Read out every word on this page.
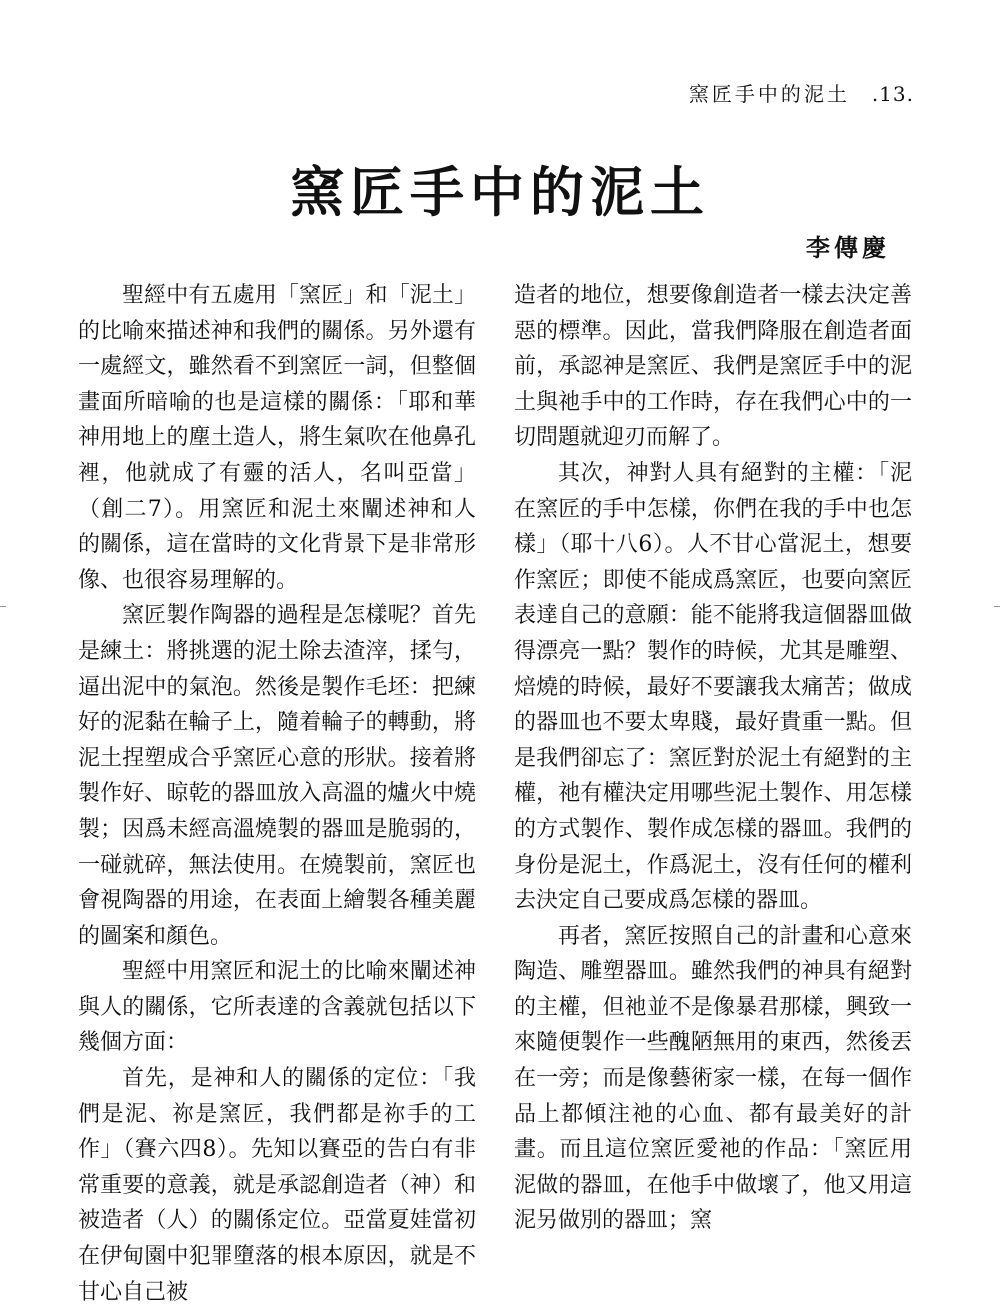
窯匠手中的泥土 .13.
窯匠手中的泥土
李傳慶

聖經中有五處用「窯匠」和「泥土」的比喻來描述神和我們的關係。另外還有一處經文，雖然看不到窯匠一詞，但整個畫面所暗喻的也是這樣的關係：「耶和華神用地上的塵土造人，將生氣吹在他鼻孔裡，他就成了有靈的活人，名叫亞當」（創二7）。用窯匠和泥土來闡述神和人的關係，這在當時的文化背景下是非常形像、也很容易理解的。

窯匠製作陶器的過程是怎樣呢？首先是練土：將挑選的泥土除去渣滓，揉勻，逼出泥中的氣泡。然後是製作毛坯：把練好的泥黏在輪子上，隨着輪子的轉動，將泥土捏塑成合乎窯匠心意的形狀。接着將製作好、晾乾的器皿放入高溫的爐火中燒製；因爲未經高溫燒製的器皿是脆弱的，一碰就碎，無法使用。在燒製前，窯匠也會視陶器的用途，在表面上繪製各種美麗的圖案和顏色。

聖經中用窯匠和泥土的比喻來闡述神與人的關係，它所表達的含義就包括以下幾個方面：

首先，是神和人的關係的定位：「我們是泥、祢是窯匠，我們都是祢手的工作」（賽六四8）。先知以賽亞的告白有非常重要的意義，就是承認創造者（神）和被造者（人）的關係定位。亞當夏娃當初在伊甸園中犯罪墮落的根本原因，就是不甘心自己被

造者的地位，想要像創造者一樣去決定善惡的標準。因此，當我們降服在創造者面前，承認神是窯匠、我們是窯匠手中的泥土與祂手中的工作時，存在我們心中的一切問題就迎刃而解了。

其次，神對人具有絕對的主權：「泥在窯匠的手中怎樣，你們在我的手中也怎樣」（耶十八6）。人不甘心當泥土，想要作窯匠；即使不能成爲窯匠，也要向窯匠表達自己的意願：能不能將我這個器皿做得漂亮一點？製作的時候，尤其是雕塑、焙燒的時候，最好不要讓我太痛苦；做成的器皿也不要太卑賤，最好貴重一點。但是我們卻忘了：窯匠對於泥土有絕對的主權，祂有權決定用哪些泥土製作、用怎樣的方式製作、製作成怎樣的器皿。我們的身份是泥土，作爲泥土，沒有任何的權利去決定自己要成爲怎樣的器皿。

再者，窯匠按照自己的計畫和心意來陶造、雕塑器皿。雖然我們的神具有絕對的主權，但祂並不是像暴君那樣，興致一來隨便製作一些醜陋無用的東西，然後丟在一旁；而是像藝術家一樣，在每一個作品上都傾注祂的心血、都有最美好的計畫。而且這位窯匠愛祂的作品：「窯匠用泥做的器皿，在他手中做壞了，他又用這泥另做別的器皿；窯
